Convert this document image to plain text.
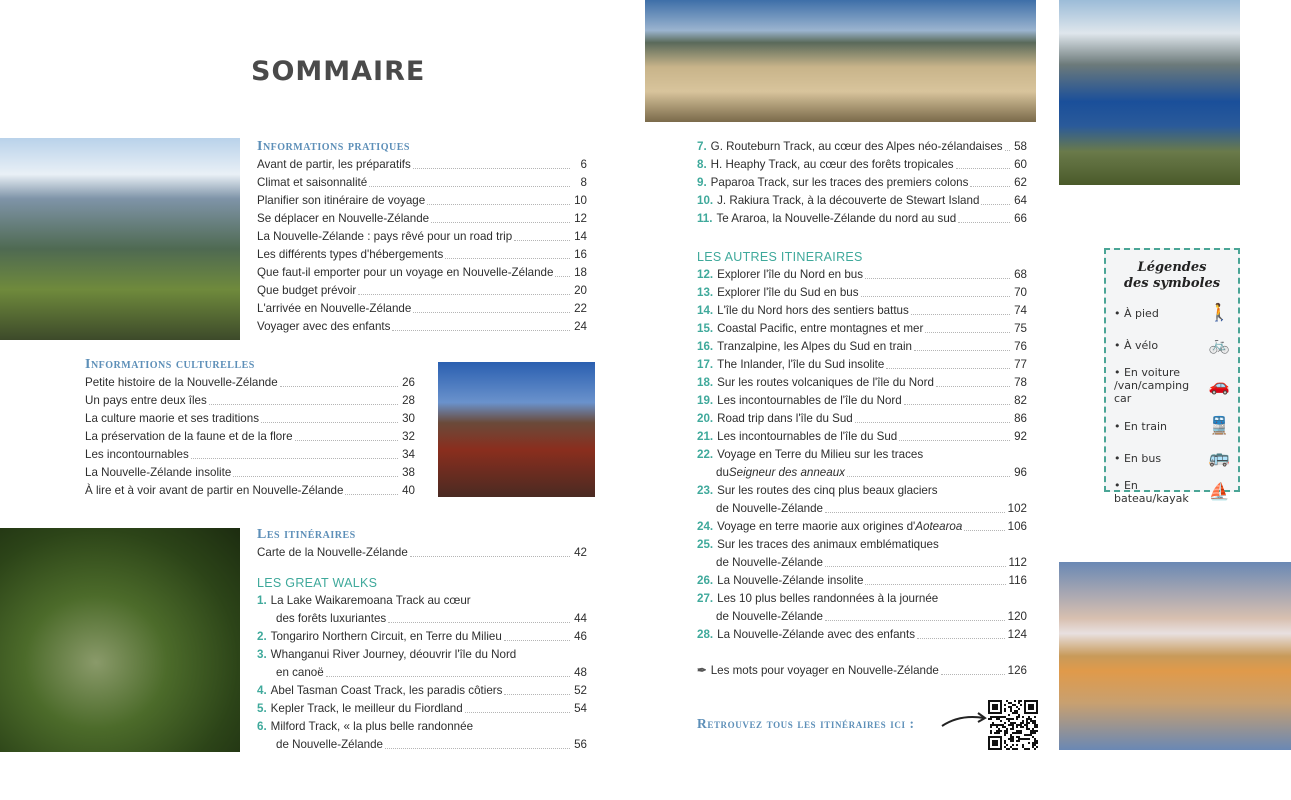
SOMMAIRE
Informations pratiques
Avant de partir, les préparatifs	6
Climat et saisonnalité	8
Planifier son itinéraire de voyage	10
Se déplacer en Nouvelle-Zélande	12
La Nouvelle-Zélande : pays rêvé pour un road trip	14
Les différents types d'hébergements	16
Que faut-il emporter pour un voyage en Nouvelle-Zélande 18
Que budget prévoir	20
L'arrivée en Nouvelle-Zélande	22
Voyager avec des enfants	24
Informations culturelles
Petite histoire de la Nouvelle-Zélande	26
Un pays entre deux îles	28
La culture maorie et ses traditions	30
La préservation de la faune et de la flore	32
Les incontournables	34
La Nouvelle-Zélande insolite	38
À lire et à voir avant de partir en Nouvelle-Zélande	40
Les itinéraires
Carte de la Nouvelle-Zélande	42
LES GREAT WALKS
1. La Lake Waikaremoana Track au cœur
des forêts luxuriantes	44
2. Tongariro Northern Circuit, en Terre du Milieu	46
3. Whanganui River Journey, déouvrir l'île du Nord
en canoë	48
4. Abel Tasman Coast Track, les paradis côtiers	52
5. Kepler Track, le meilleur du Fiordland	54
6. Milford Track, « la plus belle randonnée
de Nouvelle-Zélande	56
7. G. Routeburn Track, au cœur des Alpes néo-zélandaises 58
8. H. Heaphy Track, au cœur des forêts tropicales	60
9. Paparoa Track, sur les traces des premiers colons	62
10. J. Rakiura Track, à la découverte de Stewart Island	64
11. Te Araroa, la Nouvelle-Zélande du nord au sud	66
LES AUTRES ITINERAIRES
12. Explorer l'île du Nord en bus	68
13. Explorer l'île du Sud en bus	70
14. L'île du Nord hors des sentiers battus	74
15. Coastal Pacific, entre montagnes et mer	75
16. Tranzalpine, les Alpes du Sud en train	76
17. The Inlander, l'île du Sud insolite	77
18. Sur les routes volcaniques de l'île du Nord	78
19. Les incontournables de l'île du Nord	82
20. Road trip dans l'île du Sud	86
21. Les incontournables de l'île du Sud	92
22. Voyage en Terre du Milieu sur les traces
du Seigneur des anneaux	96
23. Sur les routes des cinq plus beaux glaciers
de Nouvelle-Zélande	102
24. Voyage en terre maorie aux origines d' Aotearoa	106
25. Sur les traces des animaux emblématiques
de Nouvelle-Zélande	112
26. La Nouvelle-Zélande insolite	116
27. Les 10 plus belles randonnées à la journée
de Nouvelle-Zélande	120
28. La Nouvelle-Zélande avec des enfants	124
✒ Les mots pour voyager en Nouvelle-Zélande	126
Légendes
des symboles
• À pied	🚶
• À vélo	🚲
• En voiture /van/camping car
🚗
• En train 🚆
• En bus	🚌
• En bateau/kayak	⛵
Retrouvez tous les itinéraires ici :
